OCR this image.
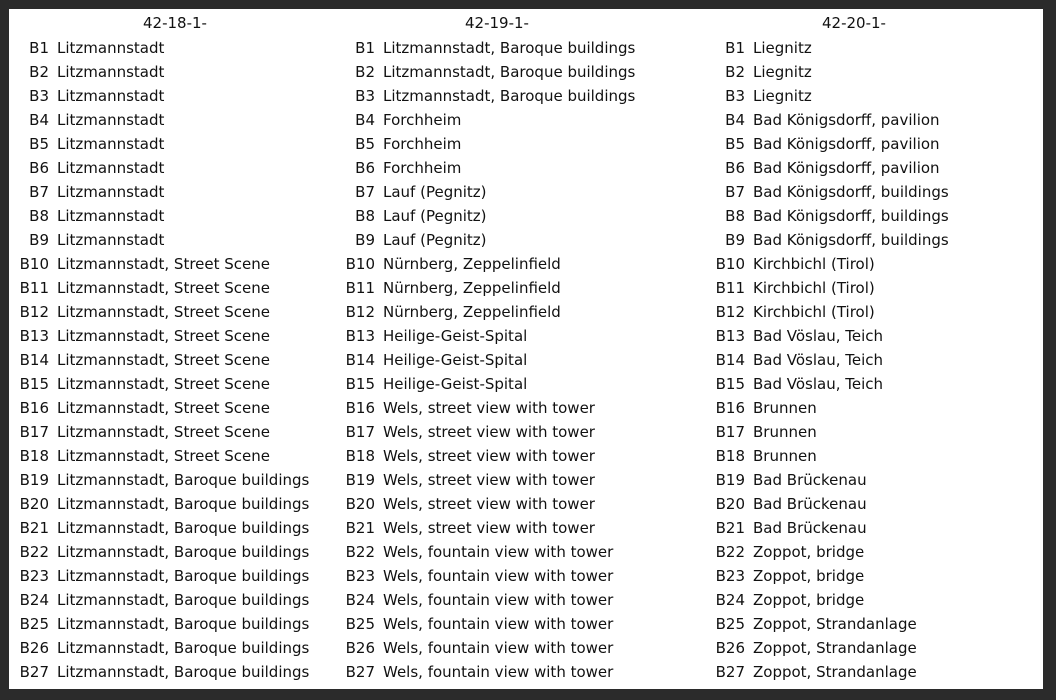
42-18-1-
B1 Litzmannstadt
B2 Litzmannstadt
B3 Litzmannstadt
B4 Litzmannstadt
B5 Litzmannstadt
B6 Litzmannstadt
B7 Litzmannstadt
B8 Litzmannstadt
B9 Litzmannstadt
B10 Litzmannstadt, Street Scene
B11 Litzmannstadt, Street Scene
B12 Litzmannstadt, Street Scene
B13 Litzmannstadt, Street Scene
B14 Litzmannstadt, Street Scene
B15 Litzmannstadt, Street Scene
B16 Litzmannstadt, Street Scene
B17 Litzmannstadt, Street Scene
B18 Litzmannstadt, Street Scene
B19 Litzmannstadt, Baroque buildings
B20 Litzmannstadt, Baroque buildings
B21 Litzmannstadt, Baroque buildings
B22 Litzmannstadt, Baroque buildings
B23 Litzmannstadt, Baroque buildings
B24 Litzmannstadt, Baroque buildings
B25 Litzmannstadt, Baroque buildings
B26 Litzmannstadt, Baroque buildings
B27 Litzmannstadt, Baroque buildings
42-19-1-
B1 Litzmannstadt, Baroque buildings
B2 Litzmannstadt, Baroque buildings
B3 Litzmannstadt, Baroque buildings
B4 Forchheim
B5 Forchheim
B6 Forchheim
B7 Lauf (Pegnitz)
B8 Lauf (Pegnitz)
B9 Lauf (Pegnitz)
B10 Nürnberg, Zeppelinfield
B11 Nürnberg, Zeppelinfield
B12 Nürnberg, Zeppelinfield
B13 Heilige-Geist-Spital
B14 Heilige-Geist-Spital
B15 Heilige-Geist-Spital
B16 Wels, street view with tower
B17 Wels, street view with tower
B18 Wels, street view with tower
B19 Wels, street view with tower
B20 Wels, street view with tower
B21 Wels, street view with tower
B22 Wels, fountain view with tower
B23 Wels, fountain view with tower
B24 Wels, fountain view with tower
B25 Wels, fountain view with tower
B26 Wels, fountain view with tower
B27 Wels, fountain view with tower
42-20-1-
B1 Liegnitz
B2 Liegnitz
B3 Liegnitz
B4 Bad Königsdorff, pavilion
B5 Bad Königsdorff, pavilion
B6 Bad Königsdorff, pavilion
B7 Bad Königsdorff, buildings
B8 Bad Königsdorff, buildings
B9 Bad Königsdorff, buildings
B10 Kirchbichl (Tirol)
B11 Kirchbichl (Tirol)
B12 Kirchbichl (Tirol)
B13 Bad Vöslau, Teich
B14 Bad Vöslau, Teich
B15 Bad Vöslau, Teich
B16 Brunnen
B17 Brunnen
B18 Brunnen
B19 Bad Brückenau
B20 Bad Brückenau
B21 Bad Brückenau
B22 Zoppot, bridge
B23 Zoppot, bridge
B24 Zoppot, bridge
B25 Zoppot, Strandanlage
B26 Zoppot, Strandanlage
B27 Zoppot, Strandanlage
